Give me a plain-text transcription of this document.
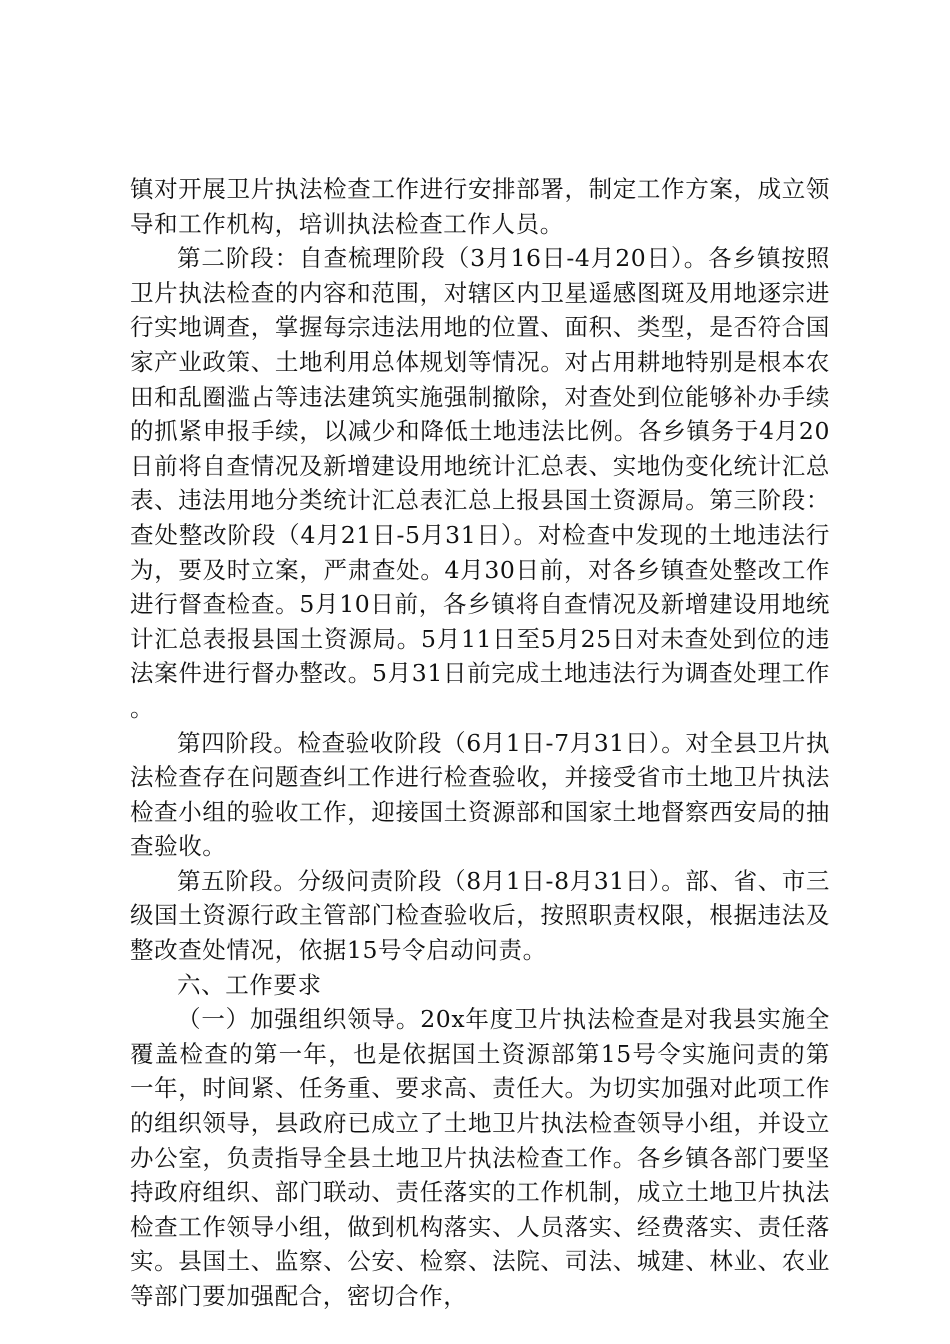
镇对开展卫片执法检查工作进行安排部署，制定工作方案，成立领导和工作机构，培训执法检查工作人员。

第二阶段：自查梳理阶段（3月16日-4月20日）。各乡镇按照卫片执法检查的内容和范围，对辖区内卫星遥感图斑及用地逐宗进行实地调查，掌握每宗违法用地的位置、面积、类型，是否符合国家产业政策、土地利用总体规划等情况。对占用耕地特别是根本农田和乱圈滥占等违法建筑实施强制撤除，对查处到位能够补办手续的抓紧申报手续，以减少和降低土地违法比例。各乡镇务于4月20日前将自查情况及新增建设用地统计汇总表、实地伪变化统计汇总表、违法用地分类统计汇总表汇总上报县国土资源局。第三阶段：查处整改阶段（4月21日-5月31日）。对检查中发现的土地违法行为，要及时立案，严肃查处。4月30日前，对各乡镇查处整改工作进行督查检查。5月10日前，各乡镇将自查情况及新增建设用地统计汇总表报县国土资源局。5月11日至5月25日对未查处到位的违法案件进行督办整改。5月31日前完成土地违法行为调查处理工作。

第四阶段。检查验收阶段（6月1日-7月31日）。对全县卫片执法检查存在问题查纠工作进行检查验收，并接受省市土地卫片执法检查小组的验收工作，迎接国土资源部和国家土地督察西安局的抽查验收。

第五阶段。分级问责阶段（8月1日-8月31日）。部、省、市三级国土资源行政主管部门检查验收后，按照职责权限，根据违法及整改查处情况，依据15号令启动问责。

六、工作要求

（一）加强组织领导。20x年度卫片执法检查是对我县实施全覆盖检查的第一年，也是依据国土资源部第15号令实施问责的第一年，时间紧、任务重、要求高、责任大。为切实加强对此项工作的组织领导，县政府已成立了土地卫片执法检查领导小组，并设立办公室，负责指导全县土地卫片执法检查工作。各乡镇各部门要坚持政府组织、部门联动、责任落实的工作机制，成立土地卫片执法检查工作领导小组，做到机构落实、人员落实、经费落实、责任落实。县国土、监察、公安、检察、法院、司法、城建、林业、农业等部门要加强配合，密切合作，
